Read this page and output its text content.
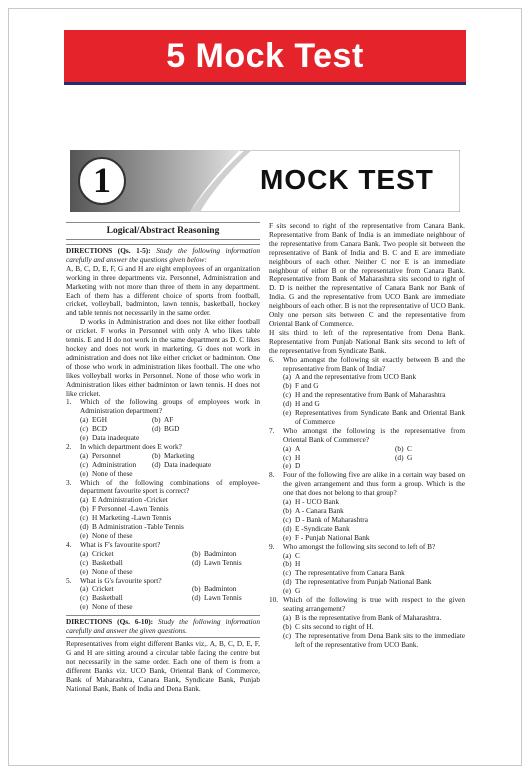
5 Mock Test
1	MOCK TEST
Logical/Abstract Reasoning
DIRECTIONS (Qs. 1-5): Study the following information carefully and answer the questions given below:

A, B, C, D, E, F, G and H are eight employees of an organization working in three departments viz. Personnel, Administration and Marketing with not more than three of them in any department. Each of them has a different choice of sports from football, cricket, volleyball, badminton, lawn tennis, basketball, hockey and table tennis not necessarily in the same order.

D works in Administration and does not like either football or cricket. F works in Personnel with only A who likes table tennis. E and H do not work in the same department as D. C likes hockey and does not work in marketing. G does not work in administration and does not like either cricket or badminton. One of those who work in administration likes football. The one who likes volleyball works in Personnel. None of those who work in Administration likes either badminton or lawn tennis. H does not like cricket.

1.	Which of the following groups of employees work in Administration department?
(a) EGH	(b) AF
(c) BCD	(d) BGD
(e) Data inadequate
2.	In which department does E work?
(a) Personnel	(b) Marketing
(c) Administration	(d) Data inadequate
(e) None of these
3.	Which of the following combinations of employee-department favourite sport is correct?
(a) E Administration -Cricket
(b) F Personnel -Lawn Tennis
(c) H Marketing -Lawn Tennis
(d) B Administration -Table Tennis
(e) None of these
4.	What is F's favourite sport?
(a) Cricket	(b) Badminton
(c) Basketball	(d) Lawn Tennis
(e) None of these
5.	What is G's favourite sport?
(a) Cricket	(b) Badminton
(c) Basketball	(d) Lawn Tennis
(e) None of these
DIRECTIONS (Qs. 6-10): Study the following information carefully and answer the given questions.

Representatives from eight different Banks viz,. A, B, C, D, E, F, G and H are sitting around a circular table facing the centre but not necessarily in the same order. Each one of them is from a different Banks viz. UCO Bank, Oriental Bank of Commerce, Bank of Maharashtra, Canara Bank, Syndicate Bank, Punjab National Bank, Bank of India and Dena Bank.

F sits second to right of the representative from Canara Bank. Representative from Bank of India is an immediate neighbour of the representative from Canara Bank. Two people sit between the representative of Bank of India and B. C and E are immediate neighbours of each other. Neither C nor E is an immediate neighbour of either B or the representative from Canara Bank. Representative from Bank of Maharashtra sits second to right of D. D is neither the representative of Canara Bank nor Bank of India. G and the representative from UCO Bank are immediate neighbours of each other. B is not the representative of UCO Bank. Only one person sits between C and the representative from Oriental Bank of Commerce.

H sits third to left of the representative from Dena Bank. Representative from Punjab National Bank sits second to left of the representative from Syndicate Bank.

6.	Who amongst the following sit exactly between B and the representative from Bank of India?
(a) A and the representative from UCO Bank
(b) F and G
(c) H and the representative from Bank of Maharashtra
(d) H and G
(e) Representatives from Syndicate Bank and Oriental Bank of Commerce
7.	Who amongst the following is the representative from Oriental Bank of Commerce?
(a) A	(b) C
(c) H	(d) G
(e) D
8.	Four of the following five are alike in a certain way based on the given arrangement and thus form a group. Which is the one that does not belong to that group?
(a) H - UCO Bank
(b) A - Canara Bank
(c) D - Bank of Maharashtra
(d) E -Syndicate Bank
(e) F - Punjab National Bank
9.	Who amongst the following sits second to left of B?
(a) C
(b) H
(c) The representative from Canara Bank
(d) The representative from Punjab National Bank
(e) G
10. Which of the following is true with respect to the given seating arrangement?
(a) B is the representative from Bank of Maharashtra.
(b) C sits second to right of H.
(c) The representative from Dena Bank sits to the immediate left of the representative from UCO Bank.
